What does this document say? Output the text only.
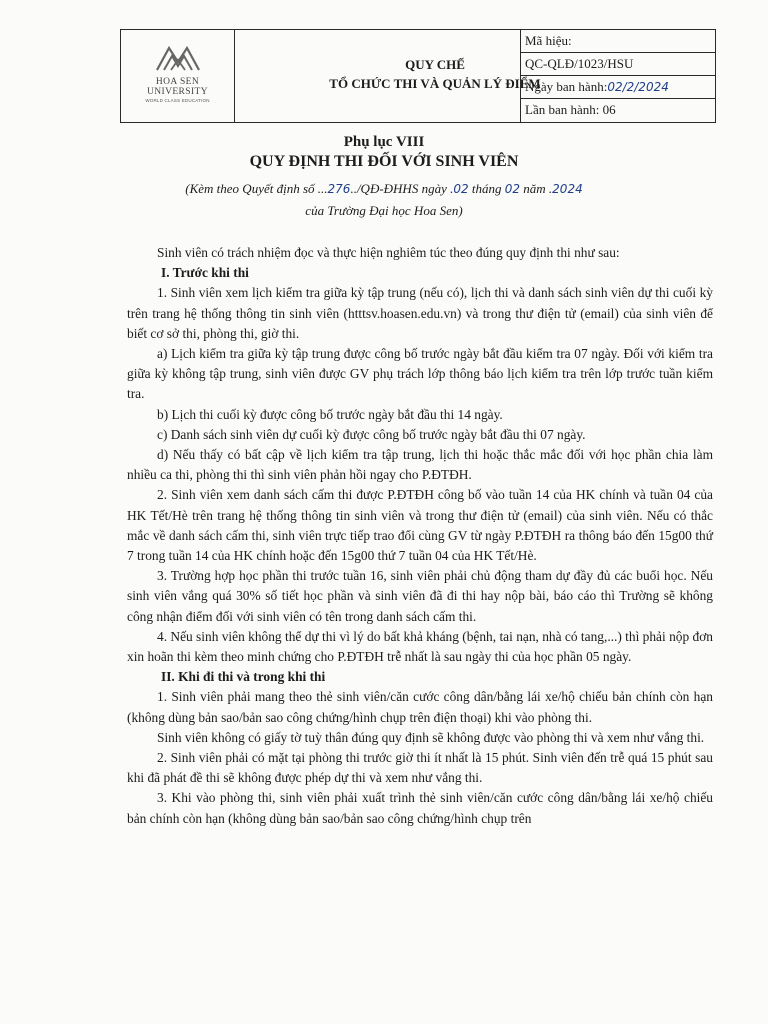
HOA SEN
UNIVERSITY
WORLD CLASS EDUCATION
QUY CHẾ
TỔ CHỨC THI VÀ QUẢN LÝ ĐIỂM
Mã hiệu:
QC-QLĐ/1023/HSU
Ngày ban hành:02/2/2024
Lần ban hành: 06
Phụ lục VIII
QUY ĐỊNH THI ĐỐI VỚI SINH VIÊN
(Kèm theo Quyết định số ...276../QĐ-ĐHHS ngày .02 tháng 02 năm .2024
của Trường Đại học Hoa Sen)

Sinh viên có trách nhiệm đọc và thực hiện nghiêm túc theo đúng quy định thi như sau:

I. Trước khi thi

1. Sinh viên xem lịch kiểm tra giữa kỳ tập trung (nếu có), lịch thi và danh sách sinh viên dự thi cuối kỳ trên trang hệ thống thông tin sinh viên (htttsv.hoasen.edu.vn) và trong thư điện tử (email) của sinh viên để biết cơ sở thi, phòng thi, giờ thi.

a) Lịch kiểm tra giữa kỳ tập trung được công bố trước ngày bắt đầu kiểm tra 07 ngày. Đối với kiểm tra giữa kỳ không tập trung, sinh viên được GV phụ trách lớp thông báo lịch kiểm tra trên lớp trước tuần kiểm tra.

b) Lịch thi cuối kỳ được công bố trước ngày bắt đầu thi 14 ngày.

c) Danh sách sinh viên dự cuối kỳ được công bố trước ngày bắt đầu thi 07 ngày.

d) Nếu thấy có bất cập về lịch kiểm tra tập trung, lịch thi hoặc thắc mắc đối với học phần chia làm nhiều ca thi, phòng thi thì sinh viên phản hồi ngay cho P.ĐTĐH.

2. Sinh viên xem danh sách cấm thi được P.ĐTĐH công bố vào tuần 14 của HK chính và tuần 04 của HK Tết/Hè trên trang hệ thống thông tin sinh viên và trong thư điện tử (email) của sinh viên. Nếu có thắc mắc về danh sách cấm thi, sinh viên trực tiếp trao đổi cùng GV từ ngày P.ĐTĐH ra thông báo đến 15g00 thứ 7 trong tuần 14 của HK chính hoặc đến 15g00 thứ 7 tuần 04 của HK Tết/Hè.

3. Trường hợp học phần thi trước tuần 16, sinh viên phải chủ động tham dự đầy đủ các buổi học. Nếu sinh viên vắng quá 30% số tiết học phần và sinh viên đã đi thi hay nộp bài, báo cáo thì Trường sẽ không công nhận điểm đối với sinh viên có tên trong danh sách cấm thi.

4. Nếu sinh viên không thể dự thi vì lý do bất khả kháng (bệnh, tai nạn, nhà có tang,...) thì phải nộp đơn xin hoãn thi kèm theo minh chứng cho P.ĐTĐH trễ nhất là sau ngày thi của học phần 05 ngày.

II. Khi đi thi và trong khi thi

1. Sinh viên phải mang theo thẻ sinh viên/căn cước công dân/bằng lái xe/hộ chiếu bản chính còn hạn (không dùng bản sao/bản sao công chứng/hình chụp trên điện thoại) khi vào phòng thi.

Sinh viên không có giấy tờ tuỳ thân đúng quy định sẽ không được vào phòng thi và xem như vắng thi.

2. Sinh viên phải có mặt tại phòng thi trước giờ thi ít nhất là 15 phút. Sinh viên đến trễ quá 15 phút sau khi đã phát đề thi sẽ không được phép dự thi và xem như vắng thi.

3. Khi vào phòng thi, sinh viên phải xuất trình thẻ sinh viên/căn cước công dân/bằng lái xe/hộ chiếu bản chính còn hạn (không dùng bản sao/bản sao công chứng/hình chụp trên
